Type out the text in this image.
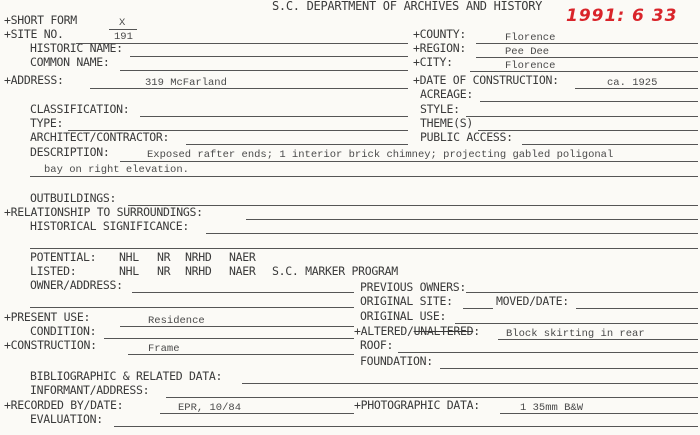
S.C. DEPARTMENT OF ARCHIVES AND HISTORY 1991: 6 33
+SHORT FORM	X
+SITE NO.	191	+COUNTY:	Florence
HISTORIC NAME:	+REGION:	Pee Dee
COMMON NAME:	+CITY:	Florence
+ADDRESS:	319 McFarland	+DATE OF CONSTRUCTION:	ca. 1925
ACREAGE:
CLASSIFICATION:	STYLE:
TYPE:	THEME(S)
ARCHITECT/CONTRACTOR:	PUBLIC ACCESS:
DESCRIPTION:	Exposed rafter ends; 1 interior brick chimney; projecting gabled poligonal
bay on right elevation.
OUTBUILDINGS:
+RELATIONSHIP TO SURROUNDINGS:
HISTORICAL SIGNIFICANCE:
POTENTIAL: NHL NR NRHD NAER
LISTED:	NHL NR NRHD NAER S.C. MARKER PROGRAM
OWNER/ADDRESS:	PREVIOUS OWNERS:
ORIGINAL SITE:	MOVED/DATE:
ORIGINAL USE:
+PRESENT USE:	Residence
CONDITION:	+ALTERED/UNALTERED: Block skirting in rear
+CONSTRUCTION:	Frame	ROOF:
FOUNDATION:
BIBLIOGRAPHIC & RELATED DATA:
INFORMANT/ADDRESS:
+RECORDED BY/DATE:	EPR, 10/84	+PHOTOGRAPHIC DATA:	1 35mm B&W
EVALUATION:
